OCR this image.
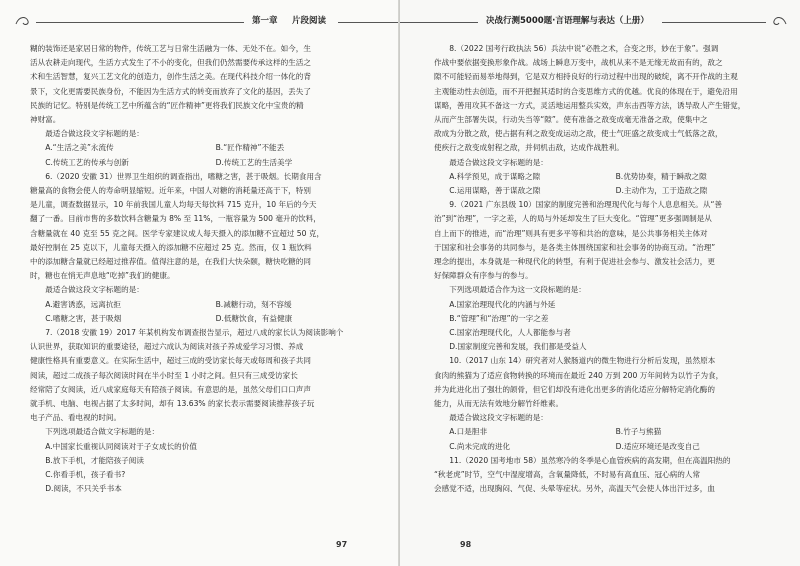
第一章 片段阅读

糊的装饰还是家居日常的物件，传统工艺与日常生活融为一体、无处不在。如今，生

活从农耕走向现代，生活方式发生了不小的变化，但我们仍然需要传承这样的生活之

术和生活智慧，复兴工艺文化的创造力，创作生活之美。在现代科技介绍一体化的背

景下，文化更需要民族身份，不能因为生活方式的转变而放弃了文化的基因，丢失了

民族的记忆。特别是传统工艺中所蕴含的“匠作精神”更将我们民族文化中宝贵的精

神财富。

最适合做这段文字标题的是：

A.“生活之美”永流传	B.“匠作精神”不能丢
C.传统工艺的传承与创新	D.传统工艺的生活美学

6.（2020 安徽 31）世界卫生组织的调查指出，嗜糖之害，甚于吸烟。长期食用含

糖量高的食物会使人的寿命明显缩短。近年来，中国人对糖的消耗量还高于下，特别

是儿童，调查数据显示，10 年前我国儿童人均每天每饮料 715 克升，10 年后的今天

翻了一番。目前市售的多数饮料含糖量为 8% 至 11%，一瓶容量为 500 毫升的饮料，

含糖量就在 40 克至 55 克之间。医学专家建议成人每天摄入的添加糖不宜超过 50 克，

最好控制在 25 克以下，儿童每天摄入的添加糖不应超过 25 克。然而，仅 1 瓶饮料

中的添加糖含量就已经超过推荐值。值得注意的是，在我们大快朵颐，糖快吃糖的同

时，糖也在悄无声息地“吃掉”我们的健康。

最适合做这段文字标题的是：

A.避害诱惑，远离抗拒	B.减糖行动，刻不容缓
C.嗜糖之害，甚于吸烟	D.低糖饮食，有益健康

7.（2018 安徽 19）2017 年某机构发布调查报告显示，超过八成的家长认为阅读影响个

认识世界，获取知识的重要途径，超过六成认为阅读对孩子养成爱学习习惯、养成

健康性格具有重要意义。在实际生活中，超过三成的受访家长每天或每周和孩子共同

阅读，超过二成孩子每次阅读时间在半小时至 1 小时之间。但只有三成受访家长

经常陪了女阅读，近八成家庭每天有陪孩子阅读。有意思的是，虽然父母们口口声声

就手机、电脑、电视占据了太多时间，却有 13.63% 的家长表示需要阅读推荐孩子玩

电子产品、看电视的时间。

下列选项最适合做文字标题的是：

A.中国家长重视认同阅读对于子女成长的价值
B.放下手机，才能陪孩子阅读
C.你看手机，孩子看书?
D.阅读，不只关乎书本
97
决战行测5000题·言语理解与表达（上册）

8.（2022 国考行政执法 56）兵法中说“必胜之术，合变之形，妙在于象”。强调

作战中要依据变换形象作战。战场上瞬息万变中，战机从来不是无缘无故而有的，敌之

隙不可能轻而易举地得到，它是双方相持良好的行动过程中出现的破绽，离不开作战的主观

主观能动性去创造，而不开把握其适时的合变思维方式的优越。优良的体现在于，避免沿用

谋略，善用攻其不备这一方式，灵活地运用整兵实效，声东击西等方法，诱导敌人产生错觉，

从而产生部署失误，行动失当等“隙”。使有准备之敌变成毫无准备之敌，使集中之

敌成为分散之敌，使占据有利之敌变成运动之敌，使士气旺盛之敌变成士气低落之敌，

使疾行之敌变成射程之敌，并伺机击敌，达成作战胜利。

最适合做这段文字标题的是：

A.科学预见，成于谋略之隙	B.优势协奏，精于瞬敌之隙
C.运用谋略，善于谋敌之隙	D.主动作为，工于造敌之隙

9.（2021 广东县级 10）国家的制度完善和治理现代化与每个人息息相关。从“善

治”到“治理”，一字之差，人的局与外延却发生了巨大变化。“管理”更多强调制是从

自上而下的推进，而“治理”则具有更多平等和共治的意味，是公共事务相关主体对

于国家和社会事务的共同参与，是各类主体围绕国家和社会事务的协商互动。“治理”

理念的提出，本身就是一种现代化的转型，有利于促进社会参与、激发社会活力，更

好保障群众有序参与的参与。

下列选项最适合作为这一文段标题的是：

A.国家治理现代化的内涵与外延
B.“管理”和“治理”的一字之差
C.国家治理现代化，人人都能参与者
D.国家制度完善和发展，我们都是受益人

10.（2017 山东 14）研究者对人猴肠道内的微生物进行分析后发现，虽然原本

食肉的熊猫为了适应食物转换的环境而在最近 240 万到 200 万年间转为以竹子为食，

并为此进化出了强壮的颌骨，但它们却没有进化出更多的消化适应分解特定消化酶的

能力，从而无法有效地分解竹纤维素。

最适合做这段文字标题的是：

A.口是胆非	B.竹子与熊猫
C.尚未完成的进化	D.适应环境还是改变自己

11.（2020 国考地市 58）虽然寒冷的冬季是心血管疾病的高发期，但在高温阳热的

“秋老虎”时节，空气中湿度增高，含氧量降低，不时易有高血压、冠心病的人常

会感觉不适，出现胸闷、气促、头晕等症状。另外，高温天气会使人体出汗过多，血

98
